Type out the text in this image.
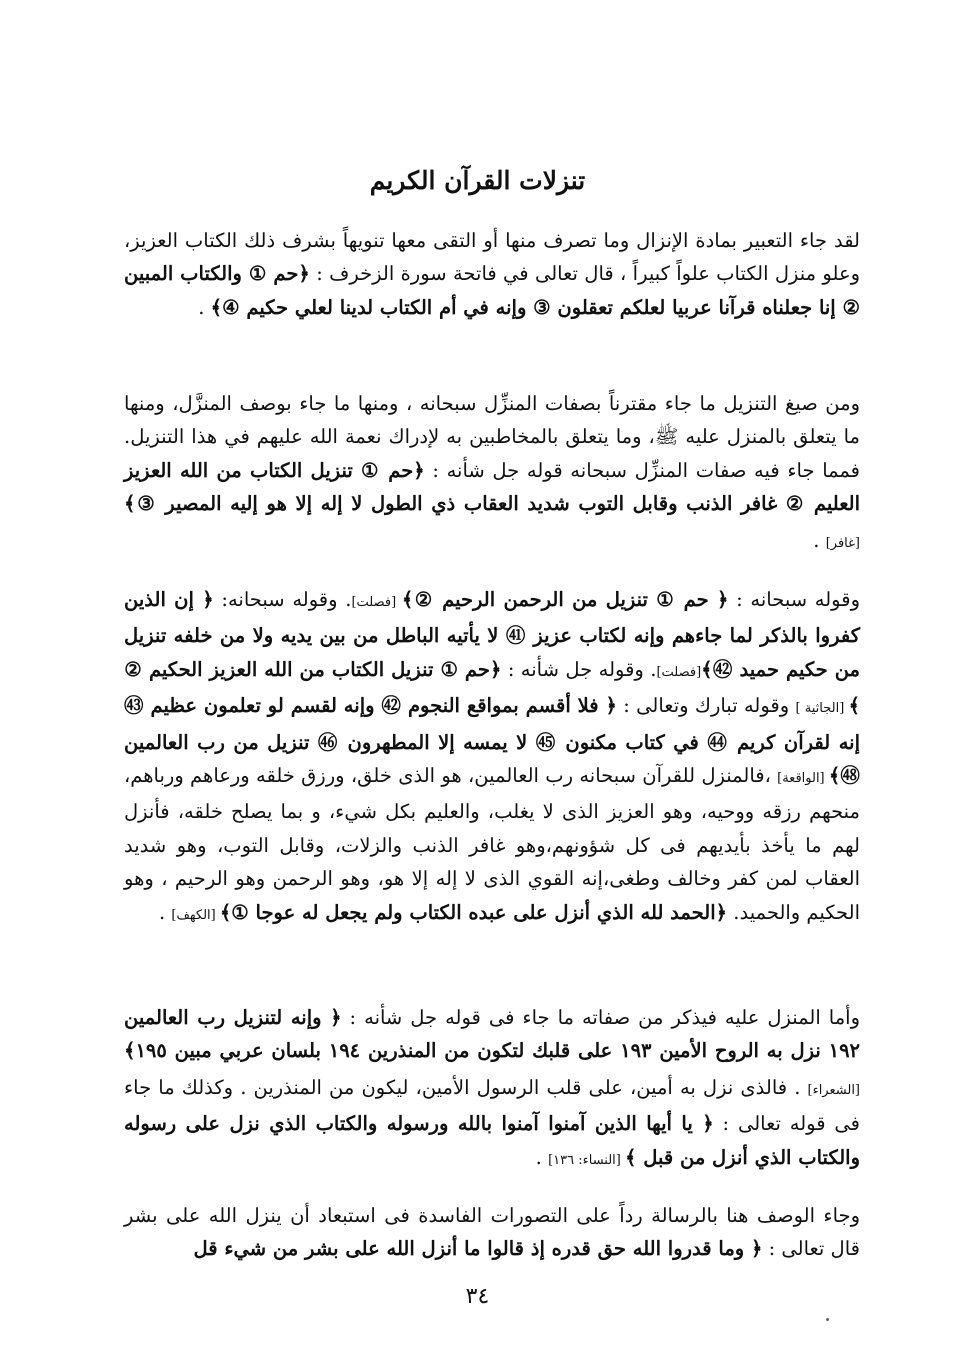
تنزلات القرآن الكريم

لقد جاء التعبير بمادة الإنزال وما تصرف منها أو التقى معها تنويهاً بشرف ذلك الكتاب العزيز، وعلو منزل الكتاب علواً كبيراً ، قال تعالى في فاتحة سورة الزخرف : ﴿حم ① والكتاب المبين ② إنا جعلناه قرآنا عربيا لعلكم تعقلون ③ وإنه في أم الكتاب لدينا لعلي حكيم ④﴾ .

ومن صيغ التنزيل ما جاء مقترناً بصفات المنزِّل سبحانه ، ومنها ما جاء بوصف المنزَّل، ومنها ما يتعلق بالمنزل عليه ﷺ، وما يتعلق بالمخاطبين به لإدراك نعمة الله عليهم في هذا التنزيل. فمما جاء فيه صفات المنزِّل سبحانه قوله جل شأنه : ﴿حم ① تنزيل الكتاب من الله العزيز العليم ② غافر الذنب وقابل التوب شديد العقاب ذي الطول لا إله إلا هو إليه المصير ③﴾ [غافر] .

وقوله سبحانه : ﴿ حم ① تنزيل من الرحمن الرحيم ②﴾ [فصلت]. وقوله سبحانه: ﴿ إن الذين كفروا بالذكر لما جاءهم وإنه لكتاب عزيز ㊶ لا يأتيه الباطل من بين يديه ولا من خلفه تنزيل من حكيم حميد ㊷﴾[فصلت]. وقوله جل شأنه : ﴿حم ① تنزيل الكتاب من الله العزيز الحكيم ② ﴾ [الجاثية ] وقوله تبارك وتعالى : ﴿ فلا أقسم بمواقع النجوم ㊷ وإنه لقسم لو تعلمون عظيم ㊸ إنه لقرآن كريم ㊹ في كتاب مكنون ㊺ لا يمسه إلا المطهرون ㊻ تنزيل من رب العالمين ㊽﴾ [الواقعة] ،فالمنزل للقرآن سبحانه رب العالمين، هو الذى خلق، ورزق خلقه ورعاهم ورباهم، منحهم رزقه ووحيه، وهو العزيز الذى لا يغلب، والعليم بكل شيء، و بما يصلح خلقه، فأنزل لهم ما يأخذ بأيديهم فى كل شؤونهم،وهو غافر الذنب والزلات، وقابل التوب، وهو شديد العقاب لمن كفر وخالف وطغى،إنه القوي الذى لا إله إلا هو، وهو الرحمن وهو الرحيم ، وهو الحكيم والحميد. ﴿الحمد لله الذي أنزل على عبده الكتاب ولم يجعل له عوجا ①﴾ [الكهف] .

وأما المنزل عليه فيذكر من صفاته ما جاء فى قوله جل شأنه : ﴿ وإنه لتنزيل رب العالمين ١٩٢ نزل به الروح الأمين ١٩٣ على قلبك لتكون من المنذرين ١٩٤ بلسان عربي مبين ١٩٥﴾ [الشعراء] . فالذى نزل به أمين، على قلب الرسول الأمين، ليكون من المنذرين . وكذلك ما جاء فى قوله تعالى : ﴿ يا أيها الذين آمنوا آمنوا بالله ورسوله والكتاب الذي نزل على رسوله والكتاب الذي أنزل من قبل ﴾ [النساء: ١٣٦] .

وجاء الوصف هنا بالرسالة رداً على التصورات الفاسدة فى استبعاد أن ينزل الله على بشر قال تعالى : ﴿ وما قدروا الله حق قدره إذ قالوا ما أنزل الله على بشر من شيء قل

٣٤
